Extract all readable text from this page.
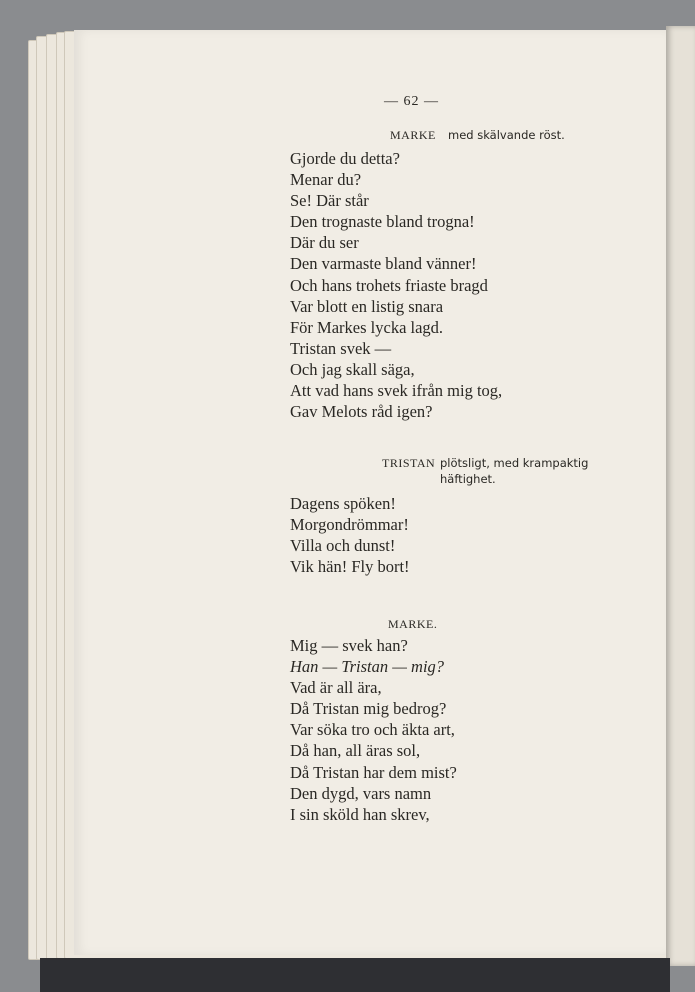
— 62 —
MARKE med skälvande röst.
Gjorde du detta?
Menar du?
Se! Där står
Den trognaste bland trogna!
Där du ser
Den varmaste bland vänner!
Och hans trohets friaste bragd
Var blott en listig snara
För Markes lycka lagd.
Tristan svek —
Och jag skall säga,
Att vad hans svek ifrån mig tog,
Gav Melots råd igen?
TRISTAN plötsligt, med krampaktig
häftighet.
Dagens spöken!
Morgondrömmar!
Villa och dunst!
Vik hän! Fly bort!
MARKE.
Mig — svek han?
Han — Tristan — mig?
Vad är all ära,
Då Tristan mig bedrog?
Var söka tro och äkta art,
Då han, all äras sol,
Då Tristan har dem mist?
Den dygd, vars namn
I sin sköld han skrev,
